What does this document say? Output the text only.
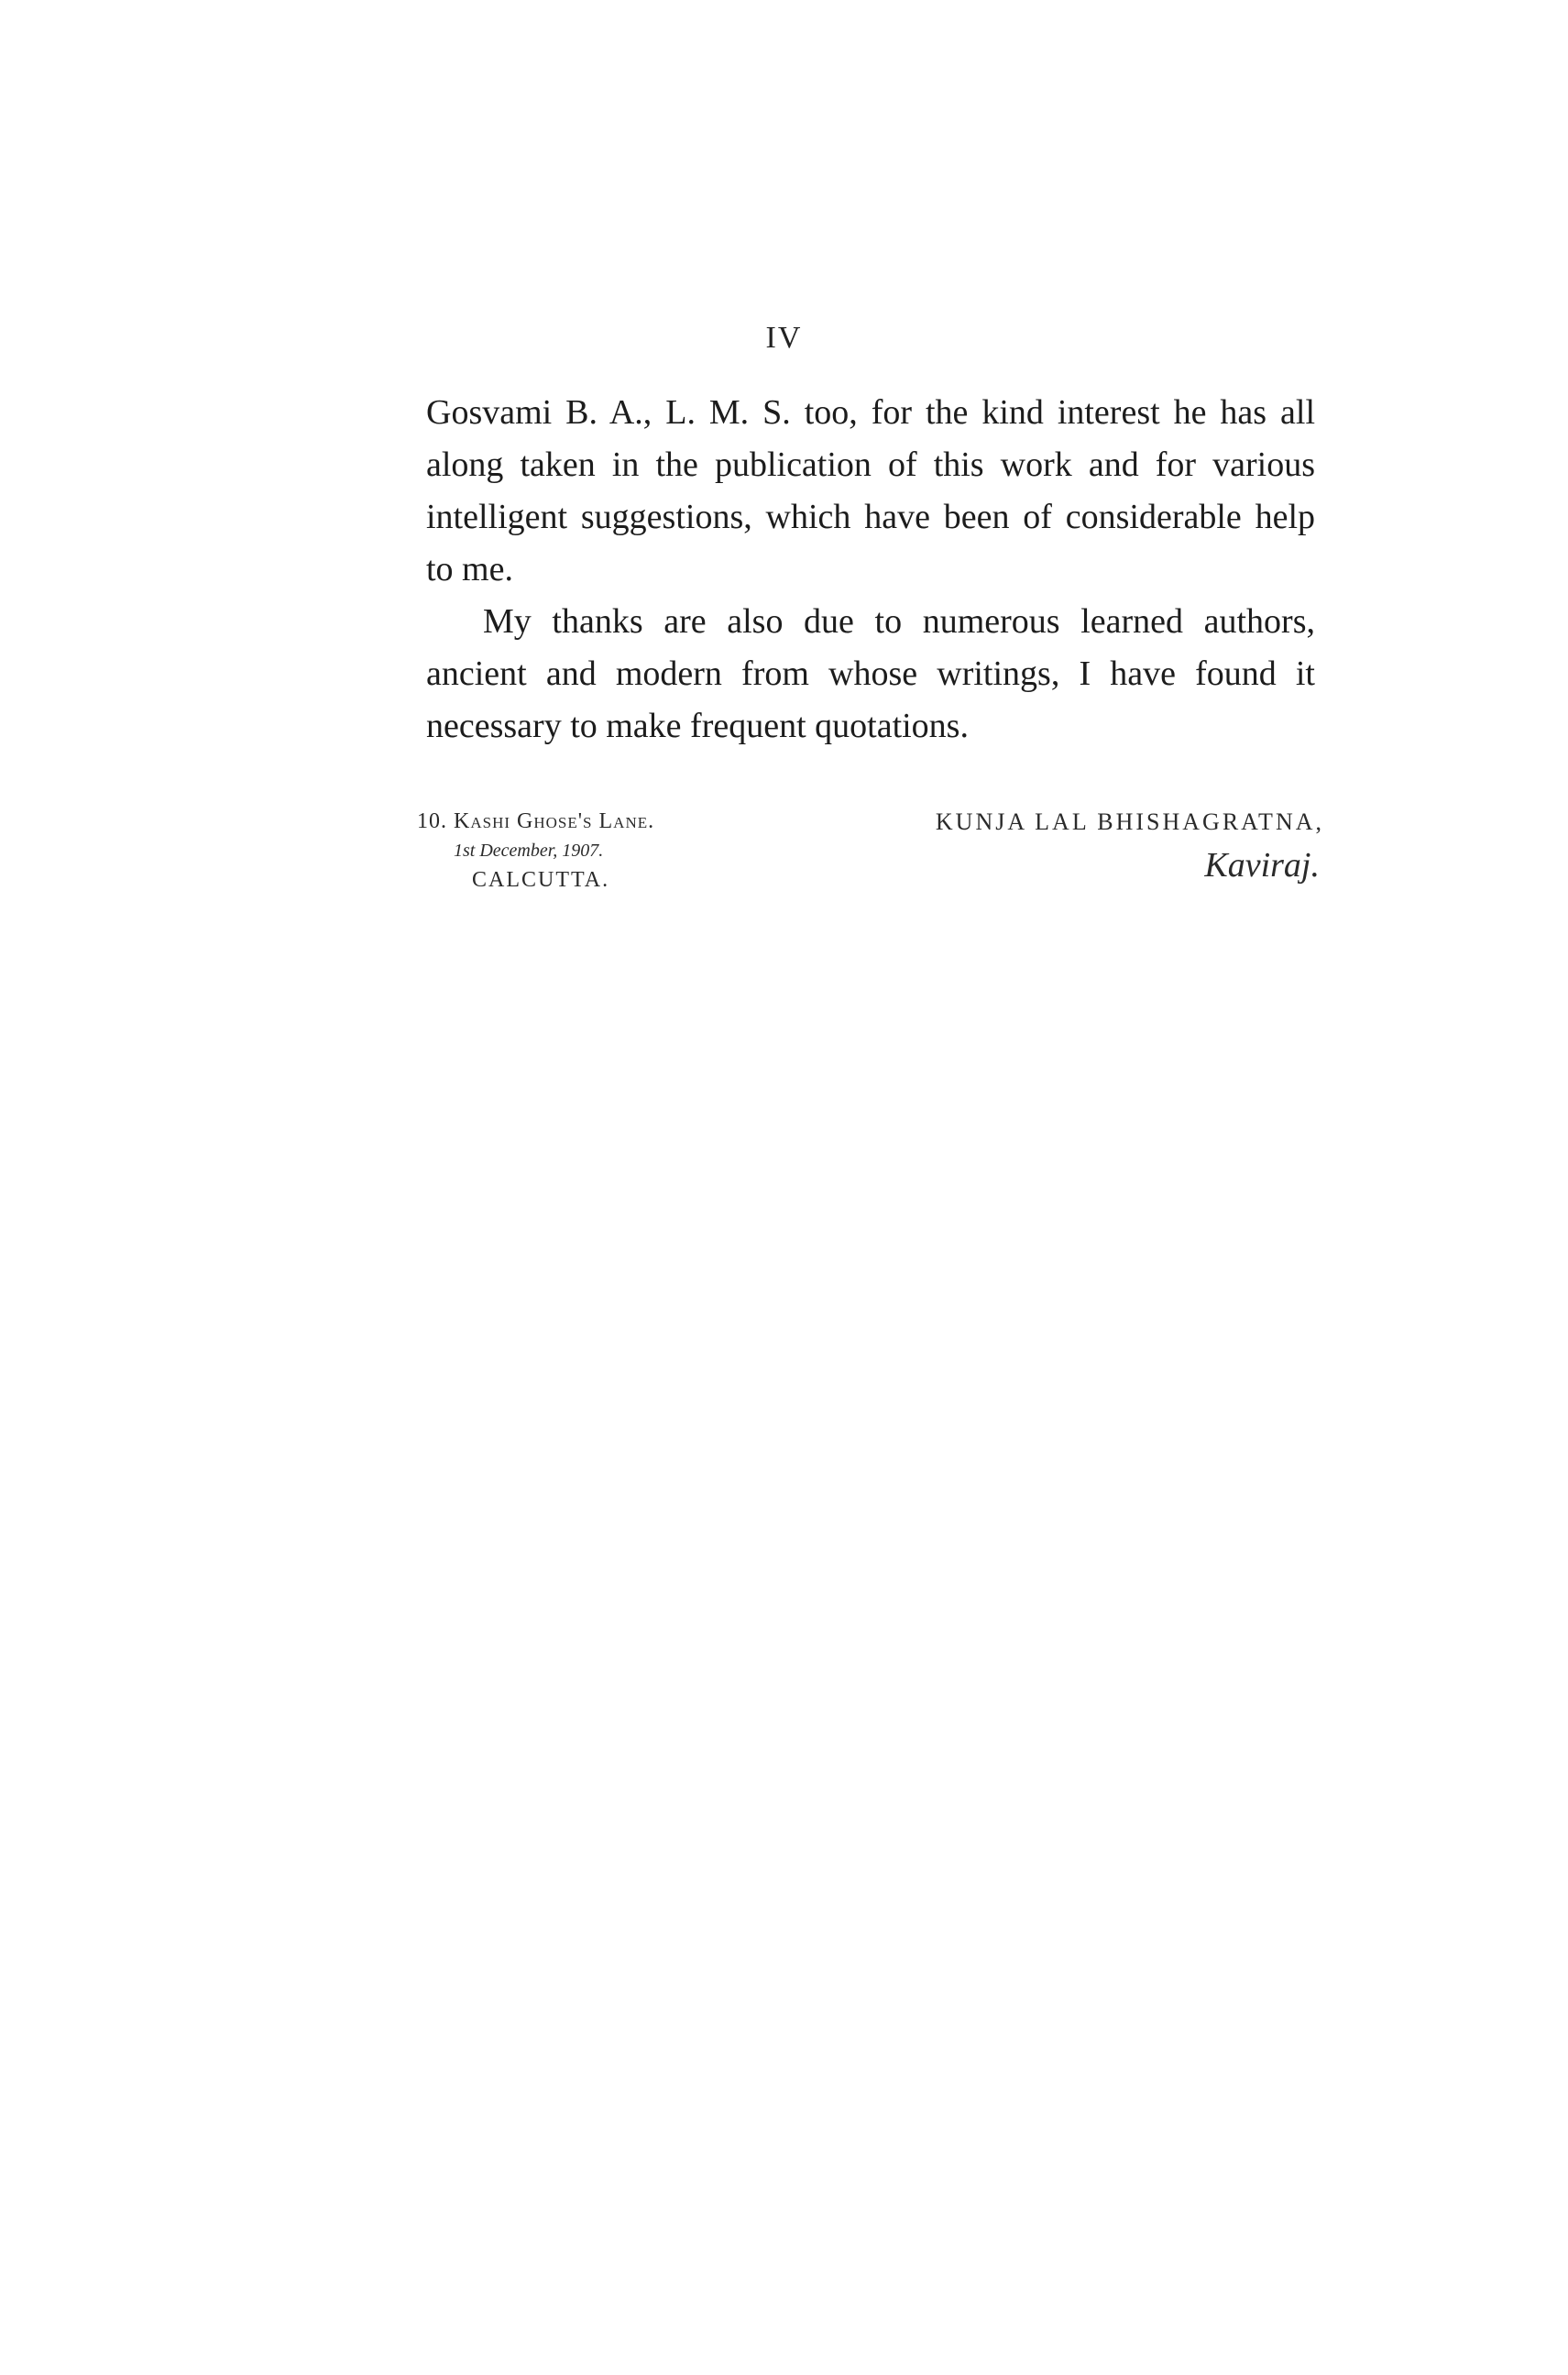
IV

Gosvami B. A., L. M. S. too, for the kind interest he has all along taken in the publication of this work and for various intelligent suggestions, which have been of considerable help to me.

My thanks are also due to numerous learned authors, ancient and modern from whose writings, I have found it necessary to make frequent quotations.

10. Kashi Ghose's Lane.
1st December, 1907.
CALCUTTA.
KUNJA LAL BHISHAGRATNA,
Kaviraj.
